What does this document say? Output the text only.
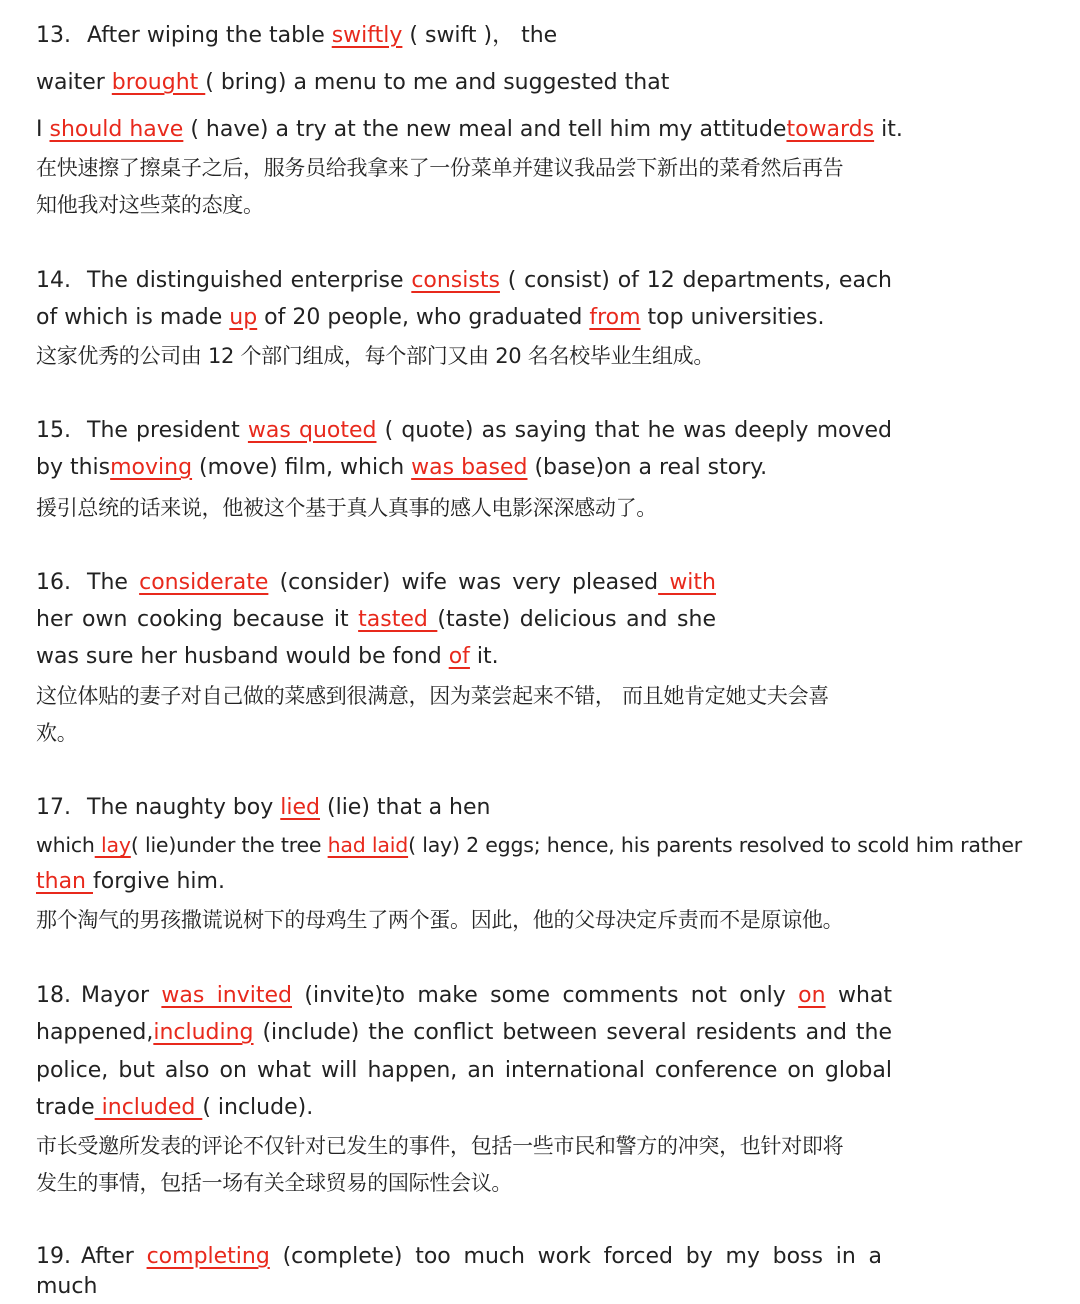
13. After wiping the table swiftly ( swift )， the
waiter brought ( bring) a menu to me and suggested that
I should have ( have) a try at the new meal and tell him my attitudetowards it.
在快速擦了擦桌子之后，服务员给我拿来了一份菜单并建议我品尝下新出的菜肴然后再告
知他我对这些菜的态度。
14. The distinguished enterprise consists ( consist) of 12 departments, each
of which is made up of 20 people, who graduated from top universities.
这家优秀的公司由 12 个部门组成，每个部门又由 20 名名校毕业生组成。
15. The president was quoted ( quote) as saying that he was deeply moved
by thismoving (move) film, which was based (base)on a real story.
援引总统的话来说，他被这个基于真人真事的感人电影深深感动了。
16. The considerate (consider) wife was very pleased with
her own cooking because it tasted (taste) delicious and she
was sure her husband would be fond of it.
这位体贴的妻子对自己做的菜感到很满意，因为菜尝起来不错， 而且她肯定她丈夫会喜
欢。
17. The naughty boy lied (lie) that a hen
which lay( lie)under the tree had laid( lay) 2 eggs; hence, his parents resolved to scold him rather
than forgive him.
那个淘气的男孩撒谎说树下的母鸡生了两个蛋。因此，他的父母决定斥责而不是原谅他。
18. Mayor was invited (invite)to make some comments not only on what
happened,including (include) the conflict between several residents and the
police, but also on what will happen, an international conference on global
trade included ( include).
市长受邀所发表的评论不仅针对已发生的事件，包括一些市民和警方的冲突，也针对即将
发生的事情，包括一场有关全球贸易的国际性会议。
19. After completing (complete) too much work forced by my boss in a much
